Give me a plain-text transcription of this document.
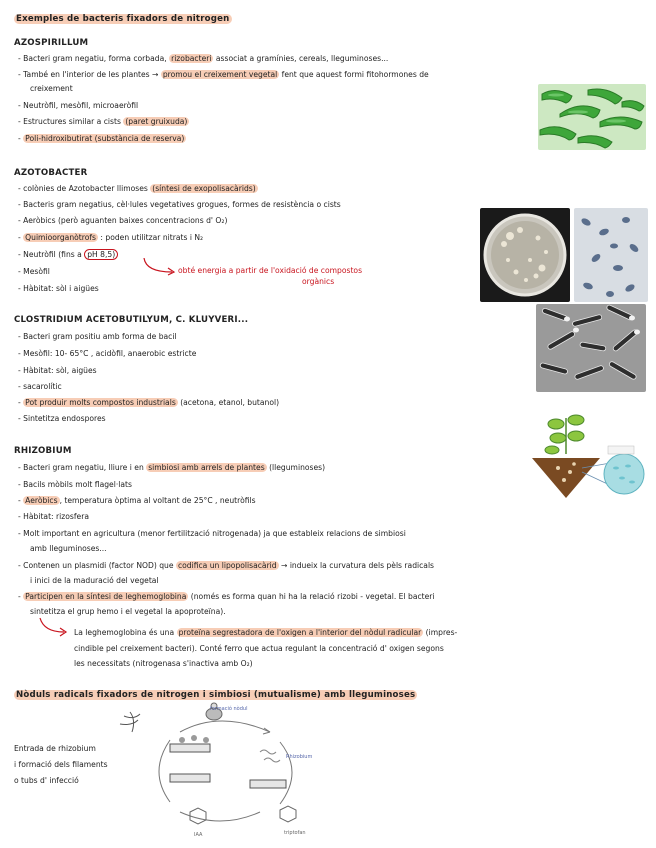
Exemples de bacteris fixadors de nitrogen
AZOSPIRILLUM
- Bacteri gram negatiu, forma corbada, rizobacteri associat a gramínies, cereals, lleguminoses...
- També en l'interior de les plantes → promou el creixement vegetal fent que aquest formi fitohormones de
creixement
- Neutròfil, mesòfil, microaeròfil
- Estructures similar a cists (paret gruixuda)
- Poli-hidroxibutirat (substància de reserva)
AZOTOBACTER
- colònies de Azotobacter llimoses (síntesi de exopolisacàrids)
- Bacteris gram negatius, cèl·lules vegetatives grogues, formes de resistència o cists
- Aeròbics (però aguanten baixes concentracions d' O₂)
- Quimioorganòtrofs : poden utilitzar nitrats i N₂
- Neutròfil (fins a pH 8,5)
- Mesòfil
- Hàbitat: sòl i aigües
obté energia a partir de l'oxidació de compostos
orgànics
CLOSTRIDIUM ACETOBUTILYUM, C. KLUYVERI...
- Bacteri gram positiu amb forma de bacil
- Mesòfil: 10- 65°C , acidòfil, anaerobic estricte
- Hàbitat: sòl, aigües
- sacarolític
- Pot produir molts compostos industrials (acetona, etanol, butanol)
- Sintetitza endospores
RHIZOBIUM
- Bacteri gram negatiu, lliure i en simbiosi amb arrels de plantes (lleguminoses)
- Bacils mòbils molt flagel·lats
- Aeròbics , temperatura òptima al voltant de 25°C , neutròfils
- Hàbitat: rizosfera
- Molt important en agricultura (menor fertilització nitrogenada) ja que estableix relacions de simbiosi
amb lleguminoses...
- Contenen un plasmidi (factor NOD) que codifica un lipopolisacàrid → indueix la curvatura dels pèls radicals
i inici de la maduració del vegetal
- Participen en la síntesi de leghemoglobina (només es forma quan hi ha la relació rizobi - vegetal. El bacteri
sintetitza el grup hemo i el vegetal la apoproteïna).
La leghemoglobina és una proteïna segrestadora de l'oxigen a l'interior del nòdul radicular (impres-
cindible pel creixement bacteri). Conté ferro que actua regulant la concentració d' oxigen segons
les necessitats (nitrogenasa s'inactiva amb O₂)
Nòduls radicals fixadors de nitrogen i simbiosi (mutualisme) amb lleguminoses
Entrada de rhizobium
i formació dels filaments
o tubs d' infecció
formació nòdul
Rhizobium
triptofan
IAA
